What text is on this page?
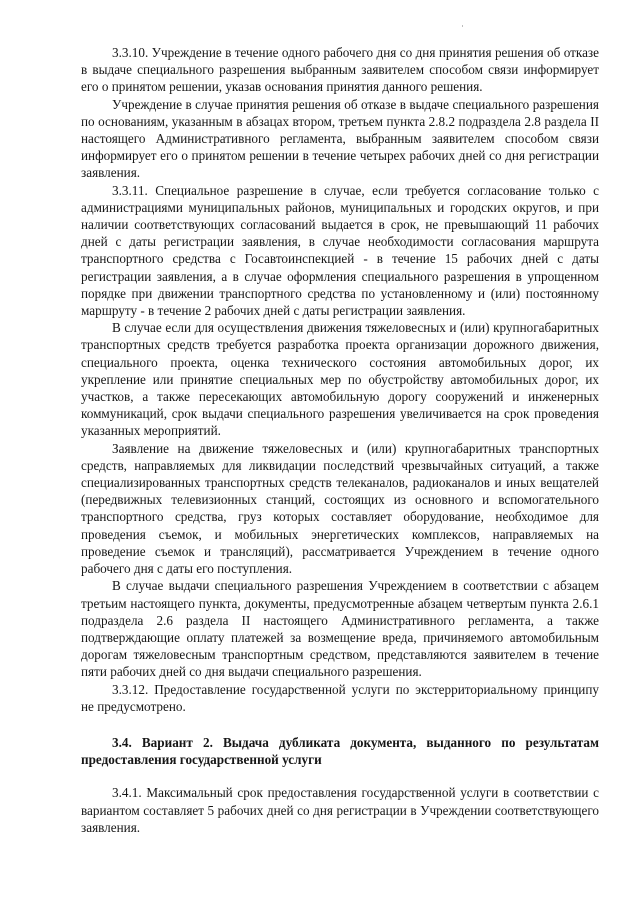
3.3.10. Учреждение в течение одного рабочего дня со дня принятия решения об отказе в выдаче специального разрешения выбранным заявителем способом связи информирует его о принятом решении, указав основания принятия данного решения.

Учреждение в случае принятия решения об отказе в выдаче специального разрешения по основаниям, указанным в абзацах втором, третьем пункта 2.8.2 подраздела 2.8 раздела II настоящего Административного регламента, выбранным заявителем способом связи информирует его о принятом решении в течение четырех рабочих дней со дня регистрации заявления.

3.3.11. Специальное разрешение в случае, если требуется согласование только с администрациями муниципальных районов, муниципальных и городских округов, и при наличии соответствующих согласований выдается в срок, не превышающий 11 рабочих дней с даты регистрации заявления, в случае необходимости согласования маршрута транспортного средства с Госавтоинспекцией - в течение 15 рабочих дней с даты регистрации заявления, а в случае оформления специального разрешения в упрощенном порядке при движении транспортного средства по установленному и (или) постоянному маршруту - в течение 2 рабочих дней с даты регистрации заявления.

В случае если для осуществления движения тяжеловесных и (или) крупногабаритных транспортных средств требуется разработка проекта организации дорожного движения, специального проекта, оценка технического состояния автомобильных дорог, их укрепление или принятие специальных мер по обустройству автомобильных дорог, их участков, а также пересекающих автомобильную дорогу сооружений и инженерных коммуникаций, срок выдачи специального разрешения увеличивается на срок проведения указанных мероприятий.

Заявление на движение тяжеловесных и (или) крупногабаритных транспортных средств, направляемых для ликвидации последствий чрезвычайных ситуаций, а также специализированных транспортных средств телеканалов, радиоканалов и иных вещателей (передвижных телевизионных станций, состоящих из основного и вспомогательного транспортного средства, груз которых составляет оборудование, необходимое для проведения съемок, и мобильных энергетических комплексов, направляемых на проведение съемок и трансляций), рассматривается Учреждением в течение одного рабочего дня с даты его поступления.

В случае выдачи специального разрешения Учреждением в соответствии с абзацем третьим настоящего пункта, документы, предусмотренные абзацем четвертым пункта 2.6.1 подраздела 2.6 раздела II настоящего Административного регламента, а также подтверждающие оплату платежей за возмещение вреда, причиняемого автомобильным дорогам тяжеловесным транспортным средством, представляются заявителем в течение пяти рабочих дней со дня выдачи специального разрешения.

3.3.12. Предоставление государственной услуги по экстерриториальному принципу не предусмотрено.

3.4. Вариант 2. Выдача дубликата документа, выданного по результатам предоставления государственной услуги

3.4.1. Максимальный срок предоставления государственной услуги в соответствии с вариантом составляет 5 рабочих дней со дня регистрации в Учреждении соответствующего заявления.
